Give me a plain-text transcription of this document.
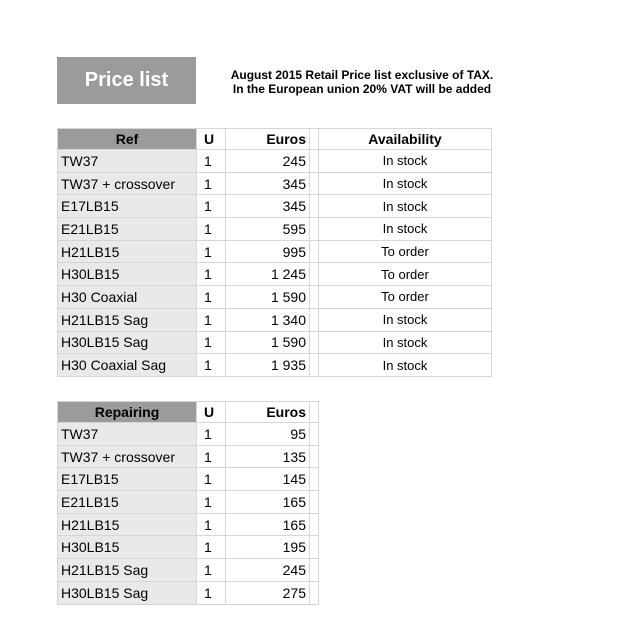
Price list	August 2015 Retail Price list exclusive of TAX.
In the European union 20% VAT will be added
Ref	U	Euros		Availability
TW37	1	245		In stock
TW37 + crossover	1	345		In stock
E17LB15	1	345		In stock
E21LB15	1	595		In stock
H21LB15	1	995		To order
H30LB15	1	1 245		To order
H30 Coaxial	1	1 590		To order
H21LB15 Sag	1	1 340		In stock
H30LB15 Sag	1	1 590		In stock
H30 Coaxial Sag	1	1 935		In stock
Repairing	U	Euros	
TW37	1	95	
TW37 + crossover	1	135	
E17LB15	1	145	
E21LB15	1	165	
H21LB15	1	165	
H30LB15	1	195	
H21LB15 Sag	1	245	
H30LB15 Sag	1	275	
